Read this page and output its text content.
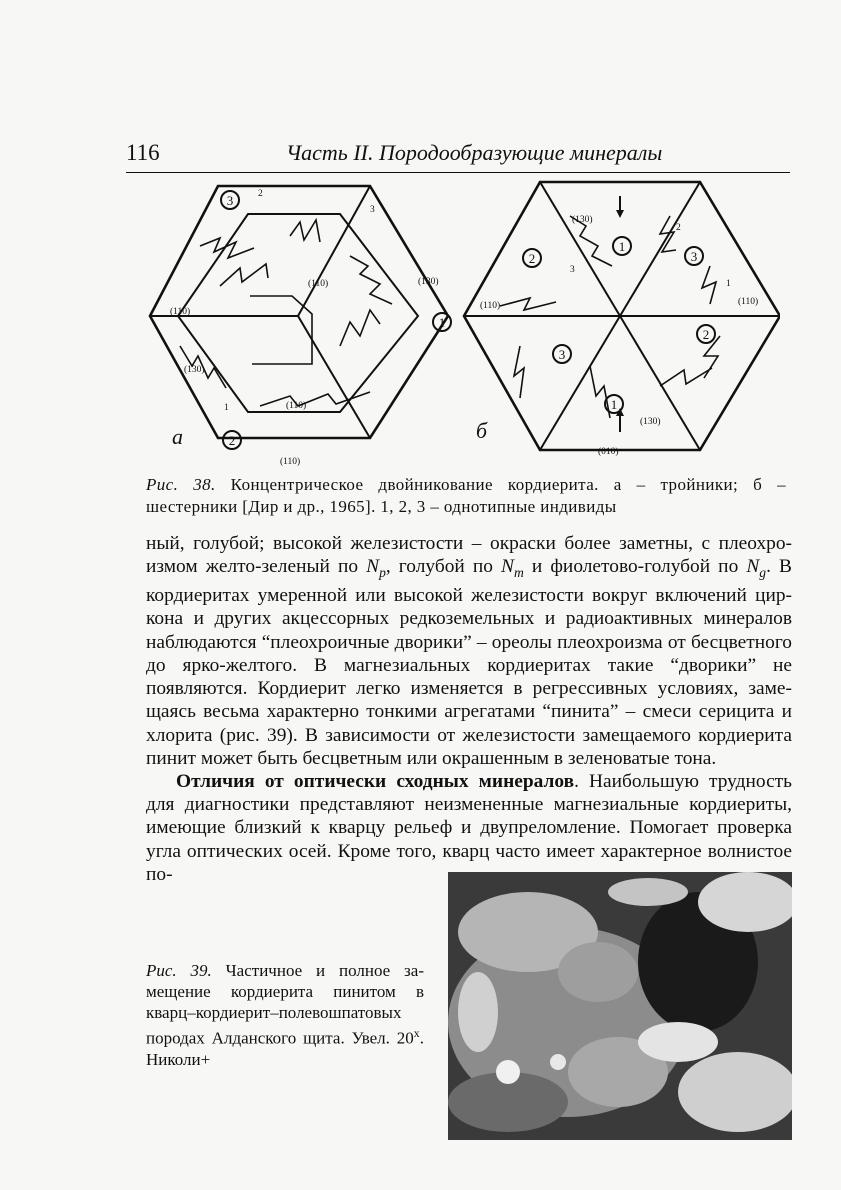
116	Часть II. Породообразующие минералы
(110)
(110)
(110)
(110)
(130)
(130)
2
3
1
3
1
2
(010)
(110)	(110)
(130)
(130)
3
2
1
2
1
3
2
3
1
а	б
Рис. 38. Концентрическое двойникование кордиерита. а – тройники; б – шестерники [Дир и др., 1965]. 1, 2, 3 – однотипные индивиды

ный, голубой; высокой железистости – окраски более заметны, с плеохроизмом желто-зеленый по $N_p$, голубой по $N_m$ и фиолетово-голубой по $N_g$. В кордиеритах умеренной или высокой железистости вокруг включений циркона и других акцессорных редкоземельных и радиоактивных минералов наблюдаются “плеохроичные дворики” – ореолы плеохроизма от бесцветного до ярко-желтого. В магнезиальных кордиеритах такие “дворики” не появляются. Кордиерит легко изменяется в регрессивных условиях, замещаясь весьма характерно тонкими агрегатами “пинита” – смеси серицита и хлорита (рис. 39). В зависимости от железистости замещаемого кордиерита пинит может быть бесцветным или окрашенным в зеленоватые тона.

Отличия от оптически сходных минералов. Наибольшую трудность для диагностики представляют неизмененные магнезиальные кордиериты, имеющие близкий к кварцу рельеф и двупреломление. Помогает проверка угла оптических осей. Кроме того, кварц часто имеет характерное волнистое по-

Рис. 39. Частичное и полное замещение кордиерита пинитом в кварц–кордиерит–полевошпатовых породах Алданского щита. Увел. 20$^x$. Николи+
